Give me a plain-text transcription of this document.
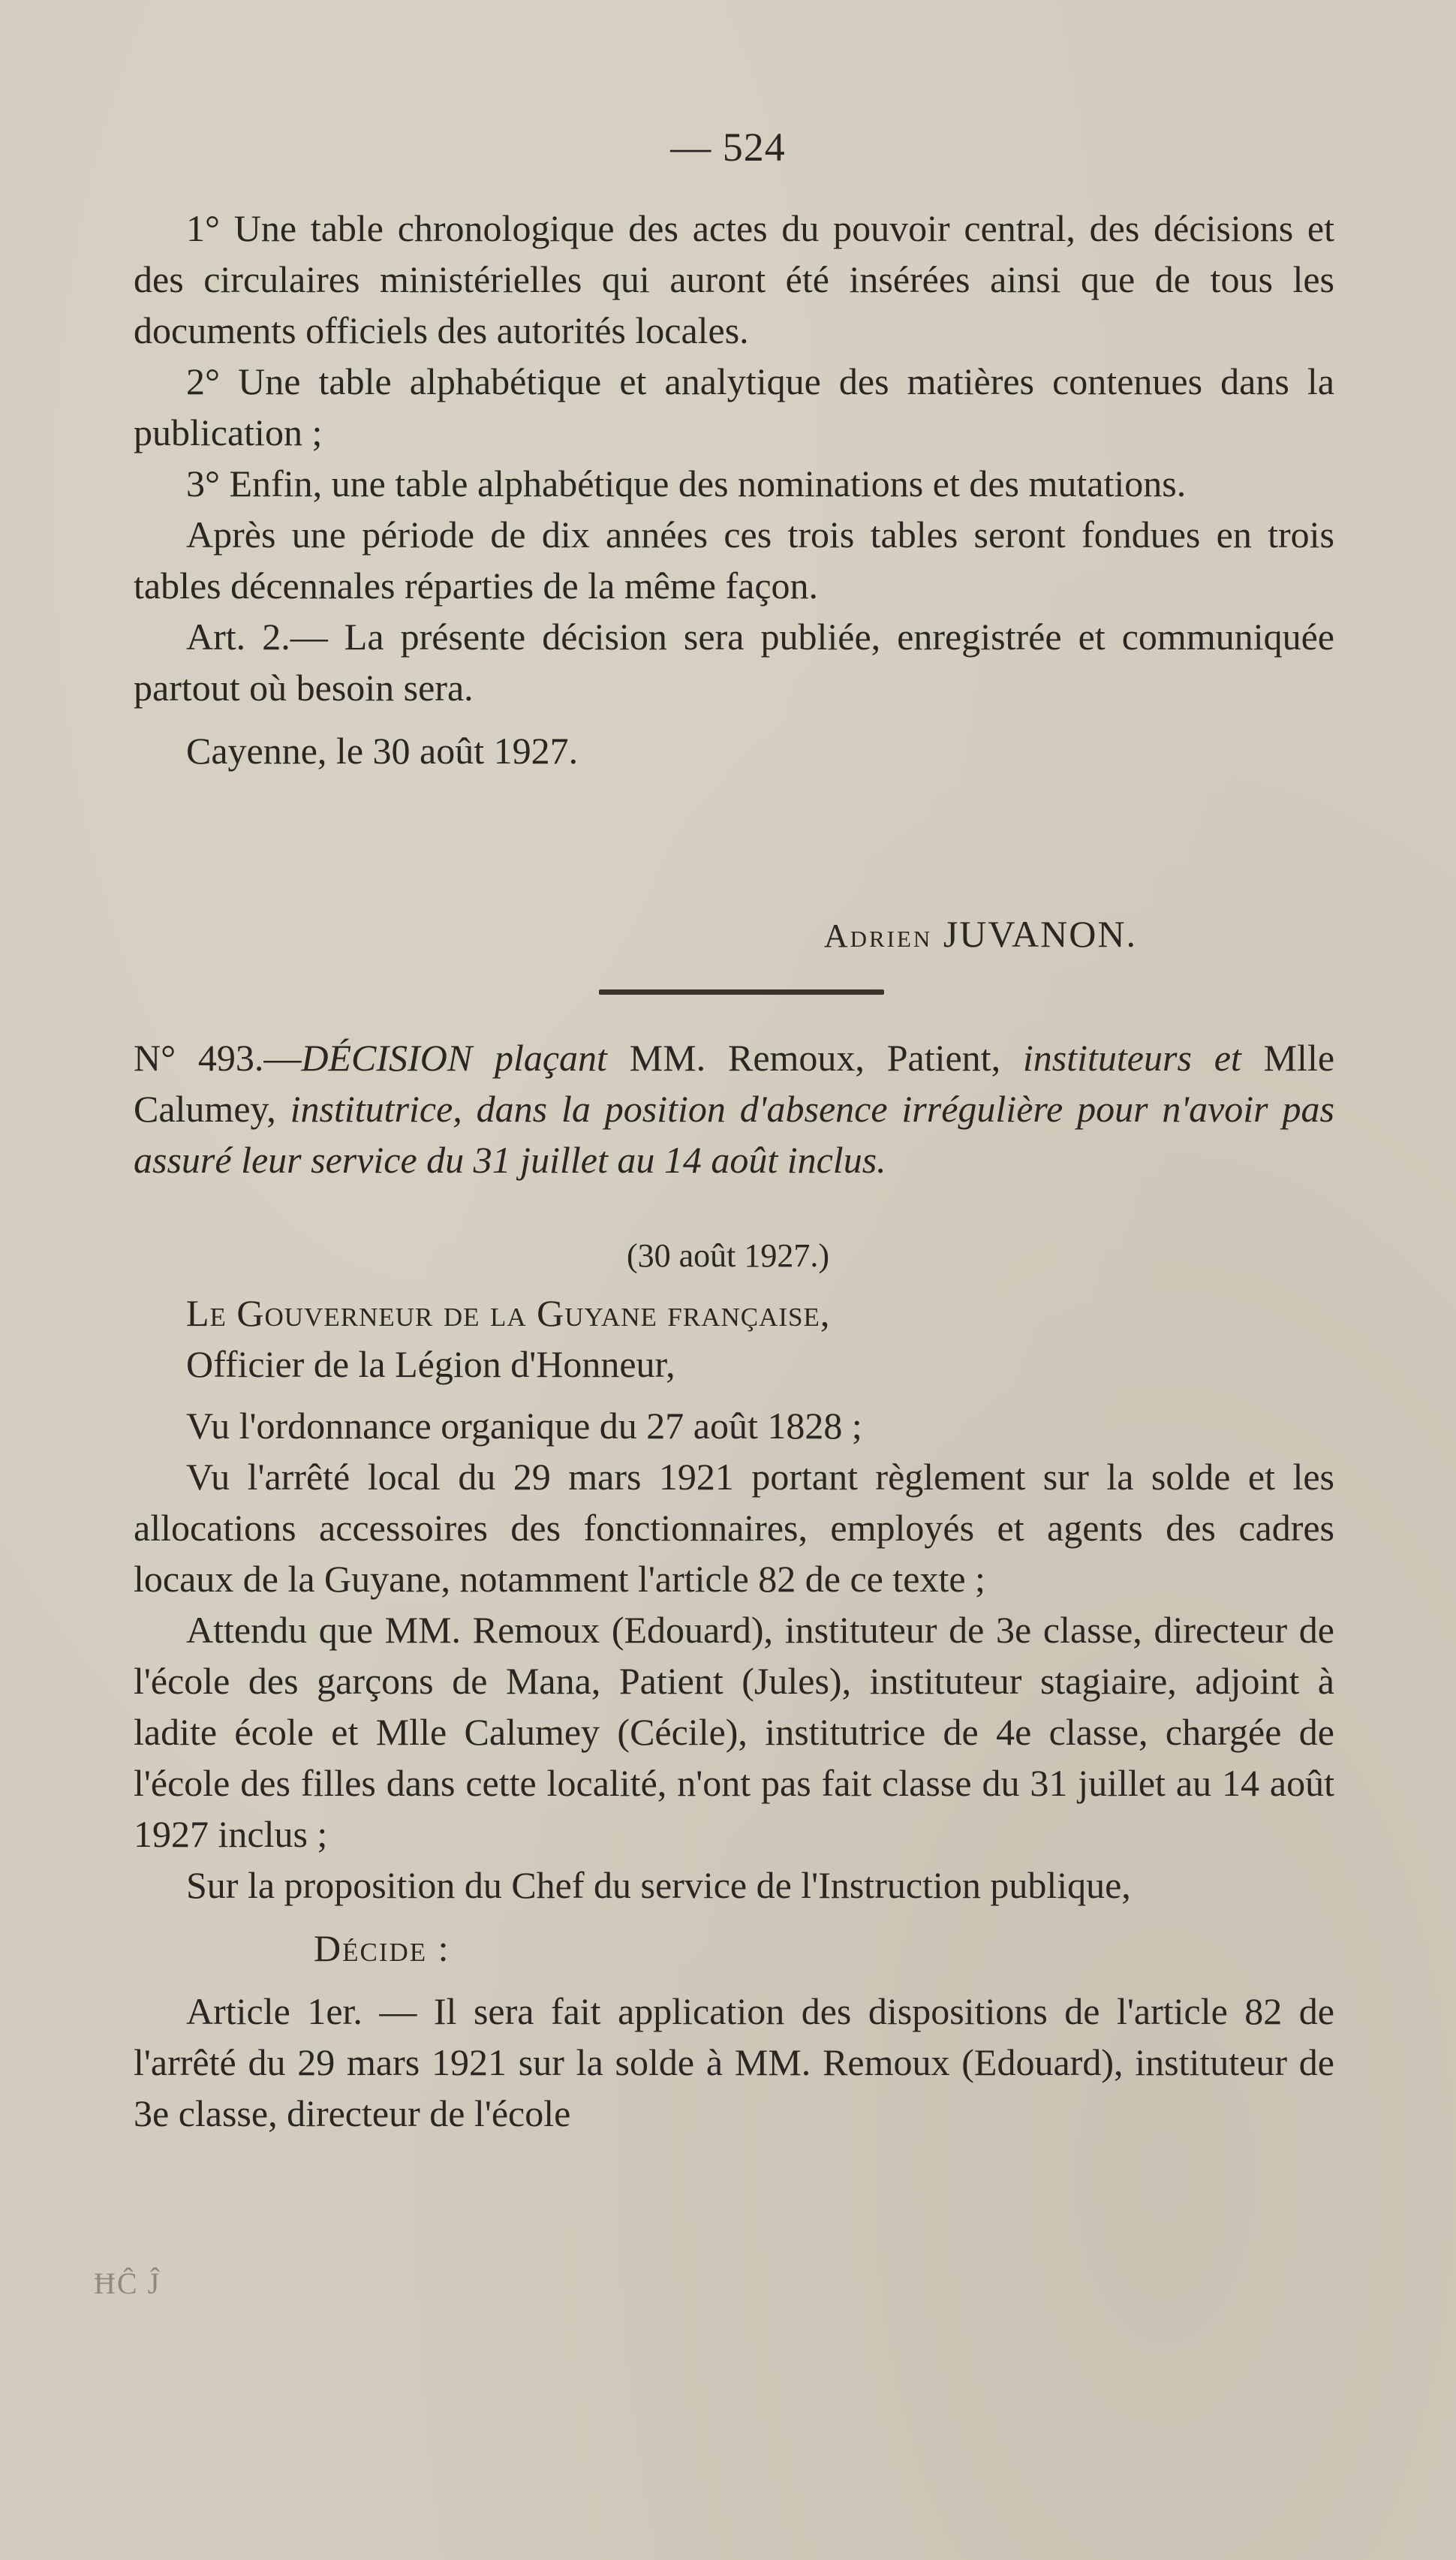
— 524

1° Une table chronologique des actes du pouvoir central, des décisions et des circulaires ministérielles qui auront été insérées ainsi que de tous les documents officiels des autorités locales.

2° Une table alphabétique et analytique des matières contenues dans la publication ;

3° Enfin, une table alphabétique des nominations et des mutations.

Après une période de dix années ces trois tables seront fondues en trois tables décennales réparties de la même façon.

Art. 2.— La présente décision sera publiée, enregistrée et communiquée partout où besoin sera.

Cayenne, le 30 août 1927.

Adrien JUVANON.
N° 493.—DÉCISION plaçant MM. Remoux, Patient, instituteurs et Mlle Calumey, institutrice, dans la position d'absence irrégulière pour n'avoir pas assuré leur service du 31 juillet au 14 août inclus.
(30 août 1927.)

Le Gouverneur de la Guyane française,

Officier de la Légion d'Honneur,

Vu l'ordonnance organique du 27 août 1828 ;

Vu l'arrêté local du 29 mars 1921 portant règlement sur la solde et les allocations accessoires des fonctionnaires, employés et agents des cadres locaux de la Guyane, notamment l'article 82 de ce texte ;

Attendu que MM. Remoux (Edouard), instituteur de 3e classe, directeur de l'école des garçons de Mana, Patient (Jules), instituteur stagiaire, adjoint à ladite école et Mlle Calumey (Cécile), institutrice de 4e classe, chargée de l'école des filles dans cette localité, n'ont pas fait classe du 31 juillet au 14 août 1927 inclus ;

Sur la proposition du Chef du service de l'Instruction publique,

Décide :

Article 1er. — Il sera fait application des dispositions de l'article 82 de l'arrêté du 29 mars 1921 sur la solde à MM. Remoux (Edouard), instituteur de 3e classe, directeur de l'école

ĦĈ Ĵ
